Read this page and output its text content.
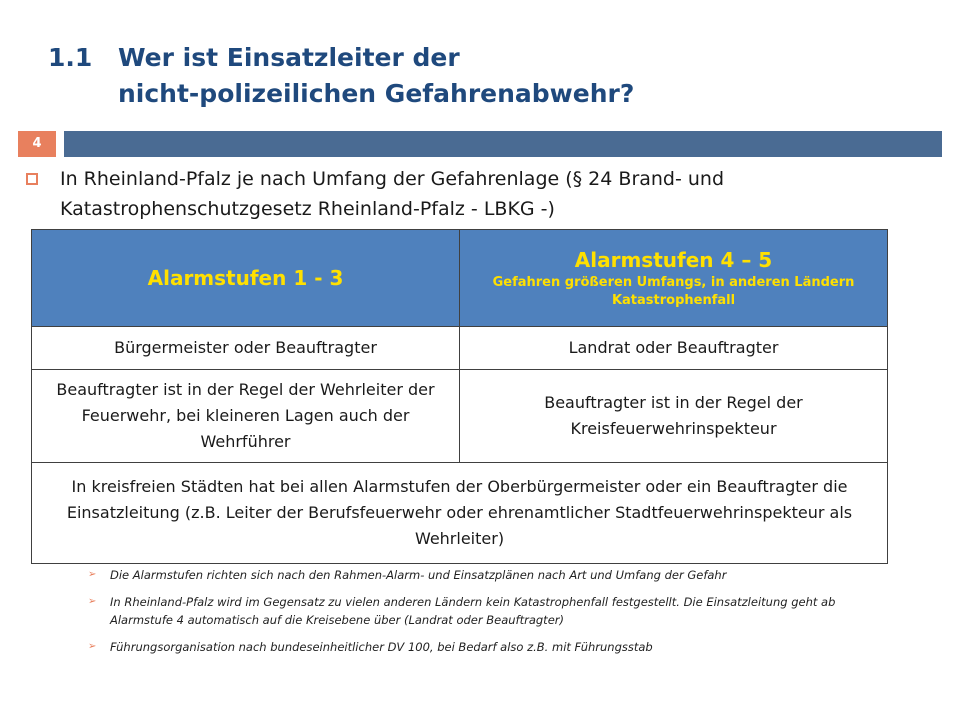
1.1 Wer ist Einsatzleiter der
nicht-polizeilichen Gefahrenabwehr?
4
In Rheinland-Pfalz je nach Umfang der Gefahrenlage (§ 24 Brand- und Katastrophenschutzgesetz Rheinland-Pfalz - LBKG -)
Alarmstufen 1 - 3	Alarmstufen 4 – 5
Gefahren größeren Umfangs, in anderen Ländern Katastrophenfall

Bürgermeister oder Beauftragter	Landrat oder Beauftragter
Beauftragter ist in der Regel der Wehrleiter der Feuerwehr, bei kleineren Lagen auch der Wehrführer	Beauftragter ist in der Regel der Kreisfeuerwehrinspekteur
In kreisfreien Städten hat bei allen Alarmstufen der Oberbürgermeister oder ein Beauftragter die Einsatzleitung (z.B. Leiter der Berufsfeuerwehr oder ehrenamtlicher Stadtfeuerwehrinspekteur als Wehrleiter)	
➢ Die Alarmstufen richten sich nach den Rahmen-Alarm- und Einsatzplänen nach Art und Umfang der Gefahr
➢ In Rheinland-Pfalz wird im Gegensatz zu vielen anderen Ländern kein Katastrophenfall festgestellt. Die Einsatzleitung geht ab Alarmstufe 4 automatisch auf die Kreisebene über (Landrat oder Beauftragter)
➢ Führungsorganisation nach bundeseinheitlicher DV 100, bei Bedarf also z.B. mit Führungsstab
